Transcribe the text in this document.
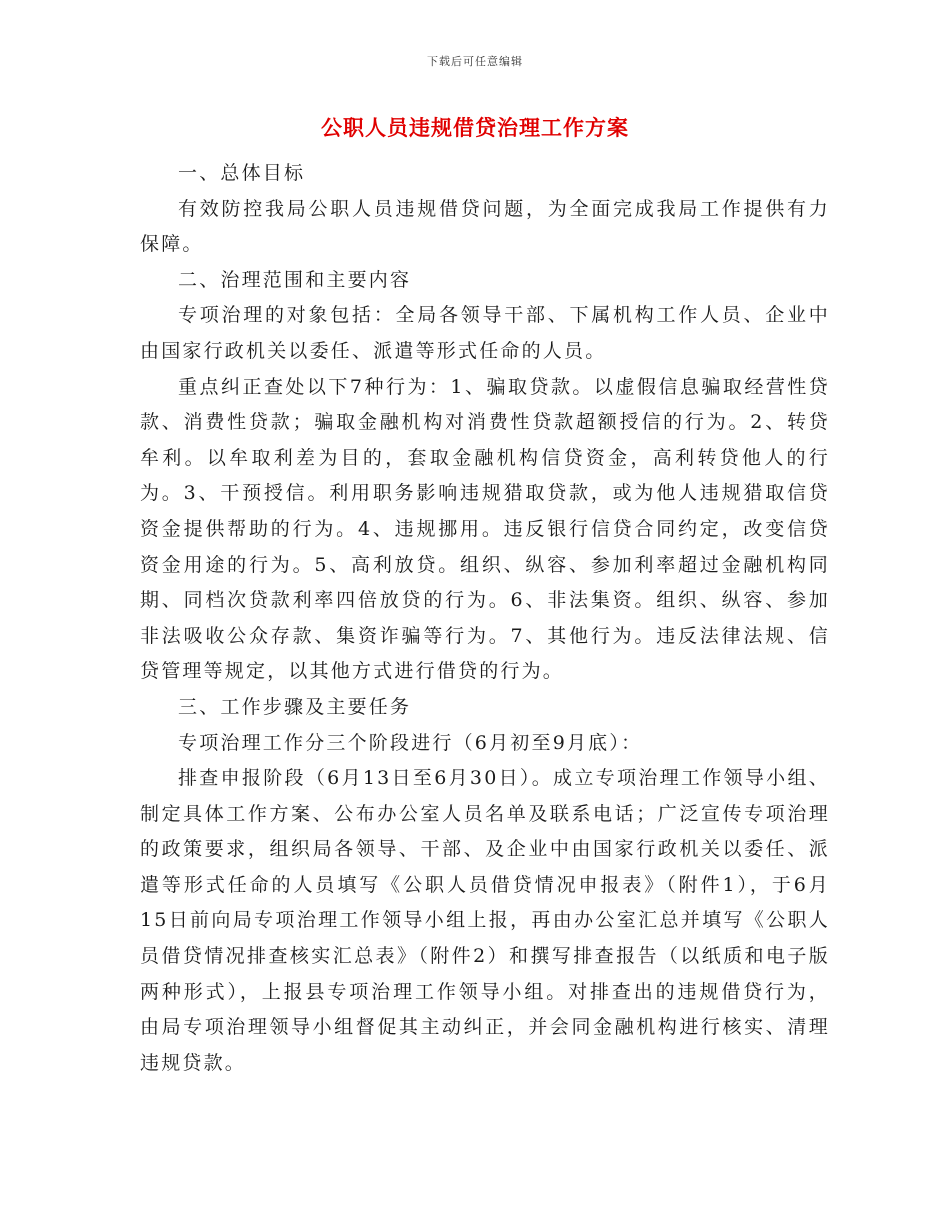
下载后可任意编辑
公职人员违规借贷治理工作方案

一、总体目标

有效防控我局公职人员违规借贷问题，为全面完成我局工作提供有力保障。

二、治理范围和主要内容

专项治理的对象包括：全局各领导干部、下属机构工作人员、企业中由国家行政机关以委任、派遣等形式任命的人员。

重点纠正查处以下7种行为：1、骗取贷款。以虚假信息骗取经营性贷款、消费性贷款；骗取金融机构对消费性贷款超额授信的行为。2、转贷牟利。以牟取利差为目的，套取金融机构信贷资金，高利转贷他人的行为。3、干预授信。利用职务影响违规猎取贷款，或为他人违规猎取信贷资金提供帮助的行为。4、违规挪用。违反银行信贷合同约定，改变信贷资金用途的行为。5、高利放贷。组织、纵容、参加利率超过金融机构同期、同档次贷款利率四倍放贷的行为。6、非法集资。组织、纵容、参加非法吸收公众存款、集资诈骗等行为。7、其他行为。违反法律法规、信贷管理等规定，以其他方式进行借贷的行为。

三、工作步骤及主要任务

专项治理工作分三个阶段进行（6月初至9月底）：

排查申报阶段（6月13日至6月30日）。成立专项治理工作领导小组、制定具体工作方案、公布办公室人员名单及联系电话；广泛宣传专项治理的政策要求，组织局各领导、干部、及企业中由国家行政机关以委任、派遣等形式任命的人员填写《公职人员借贷情况申报表》（附件1），于6月15日前向局专项治理工作领导小组上报，再由办公室汇总并填写《公职人员借贷情况排查核实汇总表》（附件2）和撰写排查报告（以纸质和电子版两种形式），上报县专项治理工作领导小组。对排查出的违规借贷行为，由局专项治理领导小组督促其主动纠正，并会同金融机构进行核实、清理违规贷款。
